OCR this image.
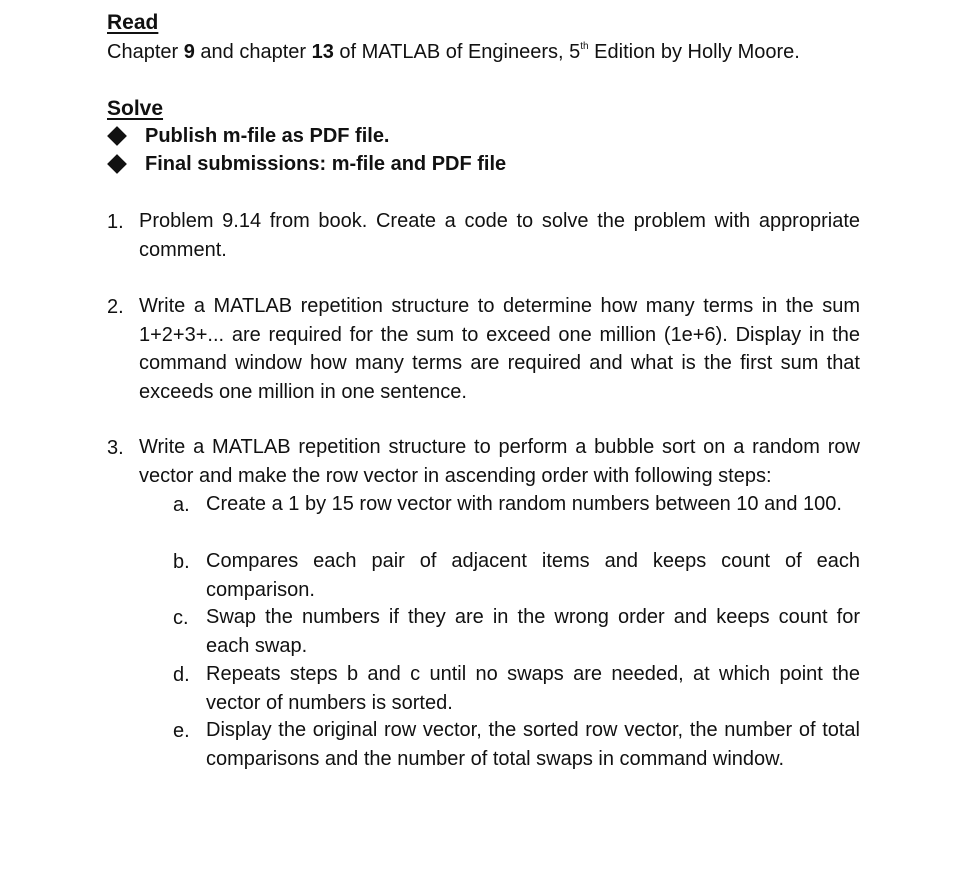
Read
Chapter 9 and chapter 13 of MATLAB of Engineers, 5th Edition by Holly Moore.
Solve
Publish m-file as PDF file.
Final submissions: m-file and PDF file
1. Problem 9.14 from book. Create a code to solve the problem with appropriate comment.
2. Write a MATLAB repetition structure to determine how many terms in the sum 1+2+3+... are required for the sum to exceed one million (1e+6). Display in the command window how many terms are required and what is the first sum that exceeds one million in one sentence.
3. Write a MATLAB repetition structure to perform a bubble sort on a random row vector and make the row vector in ascending order with following steps:
a. Create a 1 by 15 row vector with random numbers between 10 and 100.
b. Compares each pair of adjacent items and keeps count of each comparison.
c. Swap the numbers if they are in the wrong order and keeps count for each swap.
d. Repeats steps b and c until no swaps are needed, at which point the vector of numbers is sorted.
e. Display the original row vector, the sorted row vector, the number of total comparisons and the number of total swaps in command window.
